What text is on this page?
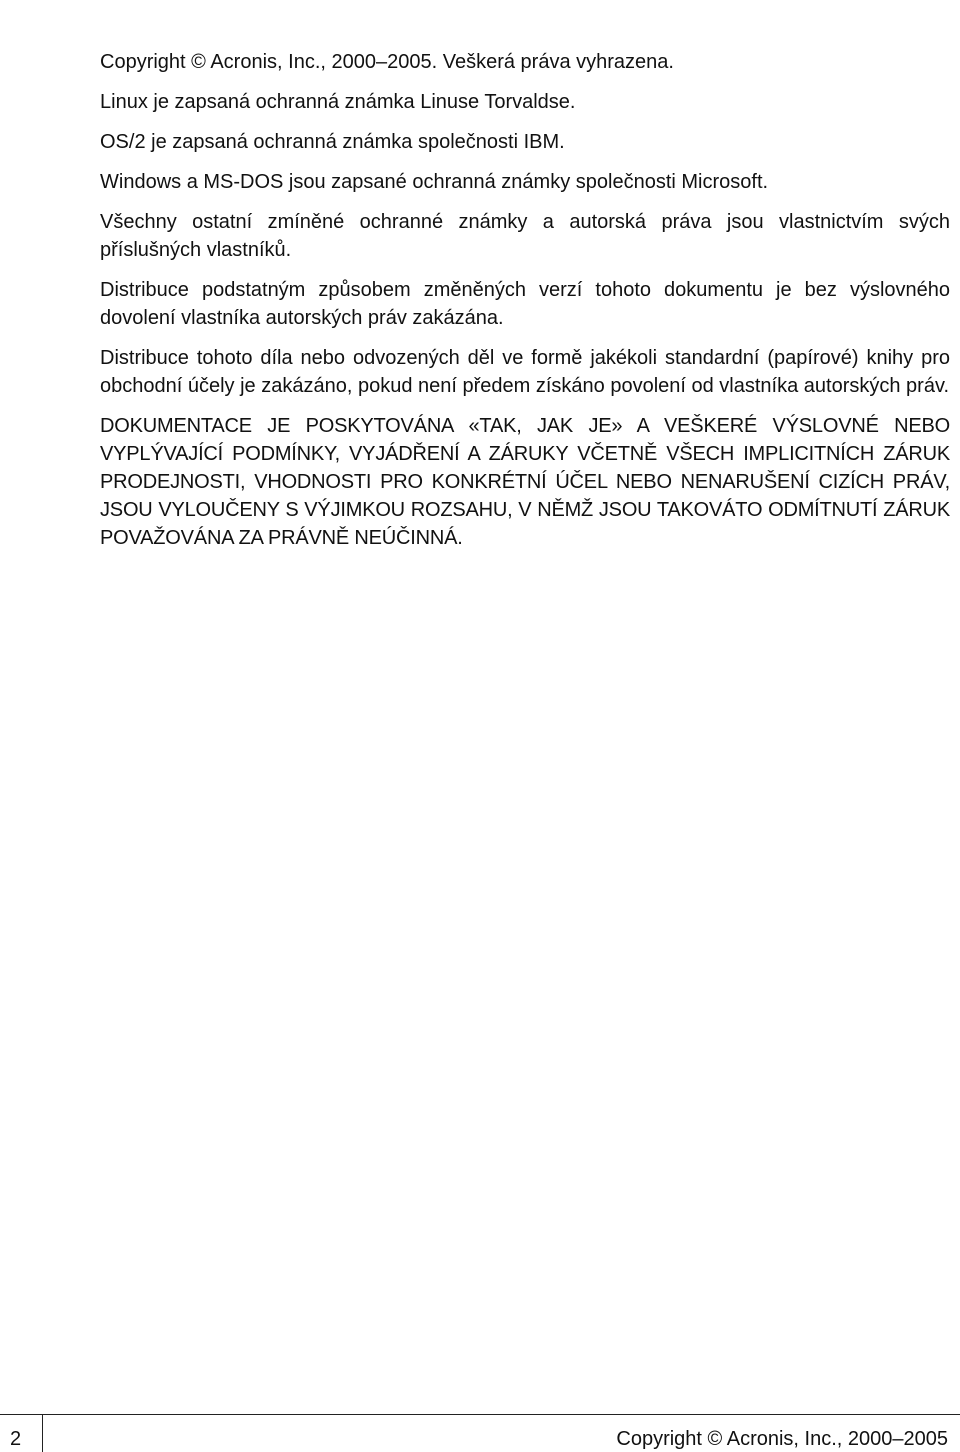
Copyright © Acronis, Inc., 2000–2005. Veškerá práva vyhrazena.

Linux je zapsaná ochranná známka Linuse Torvaldse.

OS/2 je zapsaná ochranná známka společnosti IBM.

Windows a MS-DOS jsou zapsané ochranná známky společnosti Microsoft.

Všechny ostatní zmíněné ochranné známky a autorská práva jsou vlastnictvím svých příslušných vlastníků.

Distribuce podstatným způsobem změněných verzí tohoto dokumentu je bez výslovného dovolení vlastníka autorských práv zakázána.

Distribuce tohoto díla nebo odvozených děl ve formě jakékoli standardní (papírové) knihy pro obchodní účely je zakázáno, pokud není předem získáno povolení od vlastníka autorských práv.

DOKUMENTACE JE POSKYTOVÁNA «TAK, JAK JE» A VEŠKERÉ VÝSLOVNÉ NEBO VYPLÝVAJÍCÍ PODMÍNKY, VYJÁDŘENÍ A ZÁRUKY VČETNĚ VŠECH IMPLICITNÍCH ZÁRUK PRODEJNOSTI, VHODNOSTI PRO KONKRÉTNÍ ÚČEL NEBO NENARUŠENÍ CIZÍCH PRÁV, JSOU VYLOUČENY S VÝJIMKOU ROZSAHU, V NĚMŽ JSOU TAKOVÁTO ODMÍTNUTÍ ZÁRUK POVAŽOVÁNA ZA PRÁVNĚ NEÚČINNÁ.

2	Copyright © Acronis, Inc., 2000–2005
